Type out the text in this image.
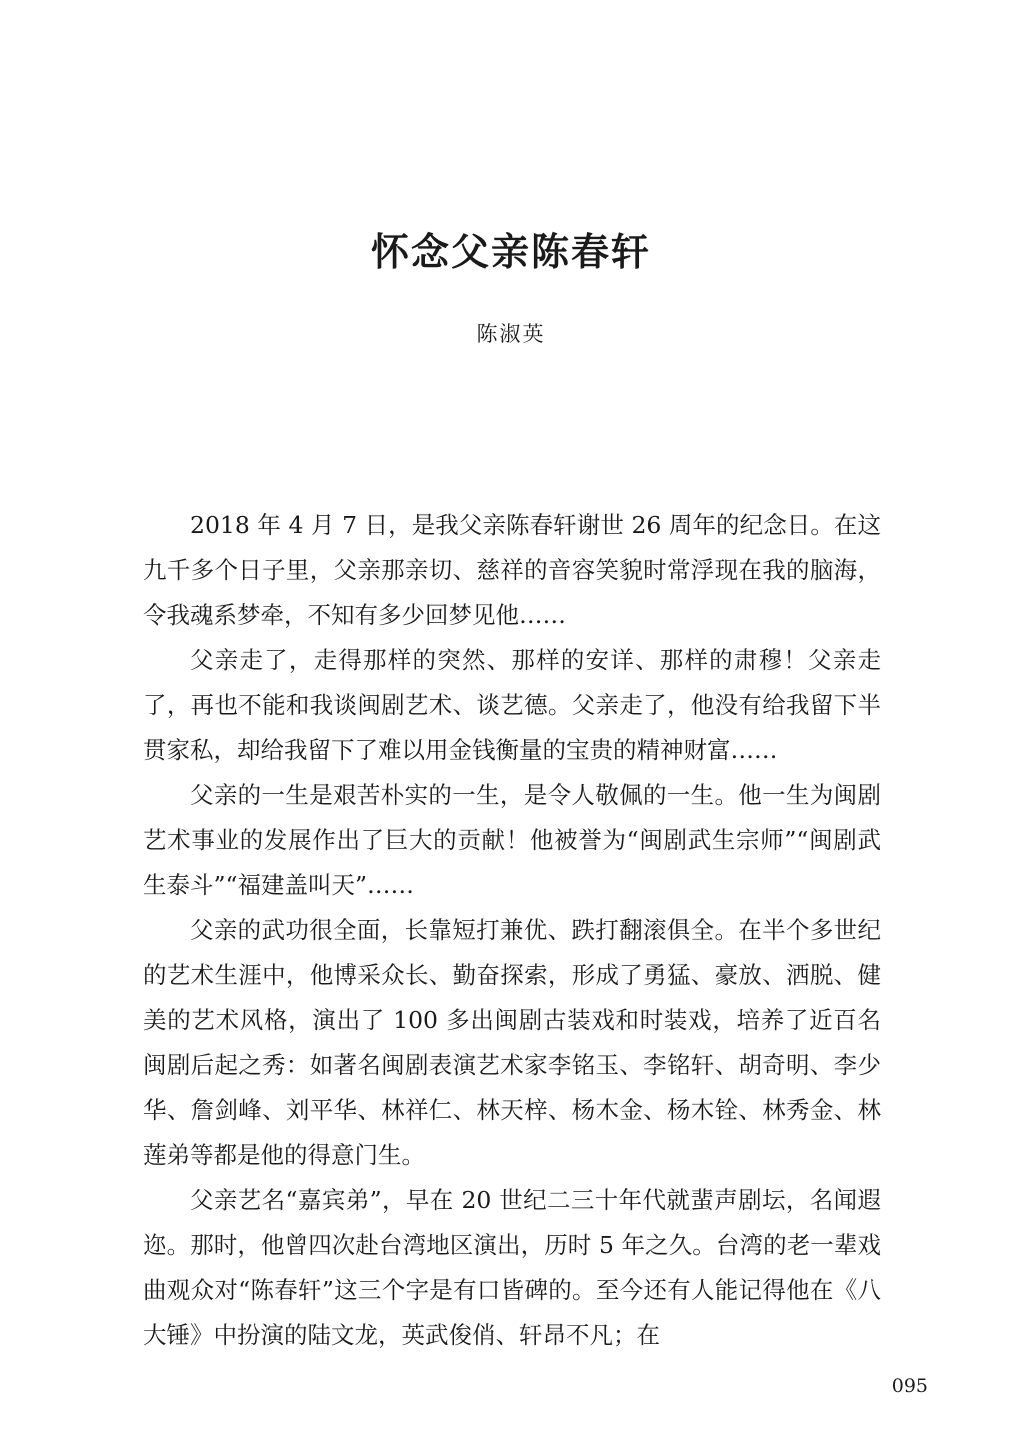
怀念父亲陈春轩
陈淑英

2018 年 4 月 7 日，是我父亲陈春轩谢世 26 周年的纪念日。在这九千多个日子里，父亲那亲切、慈祥的音容笑貌时常浮现在我的脑海，令我魂系梦牵，不知有多少回梦见他……

父亲走了，走得那样的突然、那样的安详、那样的肃穆！父亲走了，再也不能和我谈闽剧艺术、谈艺德。父亲走了，他没有给我留下半贯家私，却给我留下了难以用金钱衡量的宝贵的精神财富……

父亲的一生是艰苦朴实的一生，是令人敬佩的一生。他一生为闽剧艺术事业的发展作出了巨大的贡献！他被誉为“闽剧武生宗师”“闽剧武生泰斗”“福建盖叫天”……

父亲的武功很全面，长靠短打兼优、跌打翻滚俱全。在半个多世纪的艺术生涯中，他博采众长、勤奋探索，形成了勇猛、豪放、洒脱、健美的艺术风格，演出了 100 多出闽剧古装戏和时装戏，培养了近百名闽剧后起之秀：如著名闽剧表演艺术家李铭玉、李铭轩、胡奇明、李少华、詹剑峰、刘平华、林祥仁、林天梓、杨木金、杨木铨、林秀金、林莲弟等都是他的得意门生。

父亲艺名“嘉宾弟”，早在 20 世纪二三十年代就蜚声剧坛，名闻遐迩。那时，他曾四次赴台湾地区演出，历时 5 年之久。台湾的老一辈戏曲观众对“陈春轩”这三个字是有口皆碑的。至今还有人能记得他在《八大锤》中扮演的陆文龙，英武俊俏、轩昂不凡；在

095
